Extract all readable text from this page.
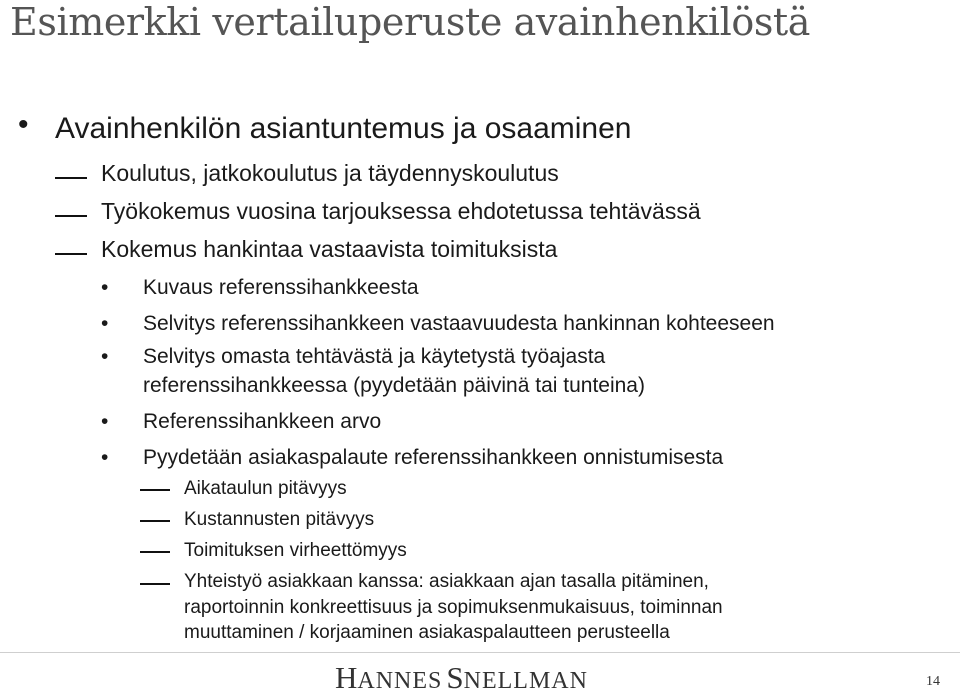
Esimerkki vertailuperuste avainhenkilöstä
• Avainhenkilön asiantuntemus ja osaaminen
Koulutus, jatkokoulutus ja täydennyskoulutus
Työkokemus vuosina tarjouksessa ehdotetussa tehtävässä
Kokemus hankintaa vastaavista toimituksista
• Kuvaus referenssihankkeesta
• Selvitys referenssihankkeen vastaavuudesta hankinnan kohteeseen
• Selvitys omasta tehtävästä ja käytetystä työajasta
referenssihankkeessa (pyydetään päivinä tai tunteina)
• Referenssihankkeen arvo
• Pyydetään asiakaspalaute referenssihankkeen onnistumisesta
Aikataulun pitävyys
Kustannusten pitävyys
Toimituksen virheettömyys
Yhteistyö asiakkaan kanssa: asiakkaan ajan tasalla pitäminen,
raportoinnin konkreettisuus ja sopimuksenmukaisuus, toiminnan
muuttaminen / korjaaminen asiakaspalautteen perusteella
HANNES SNELLMAN	14
